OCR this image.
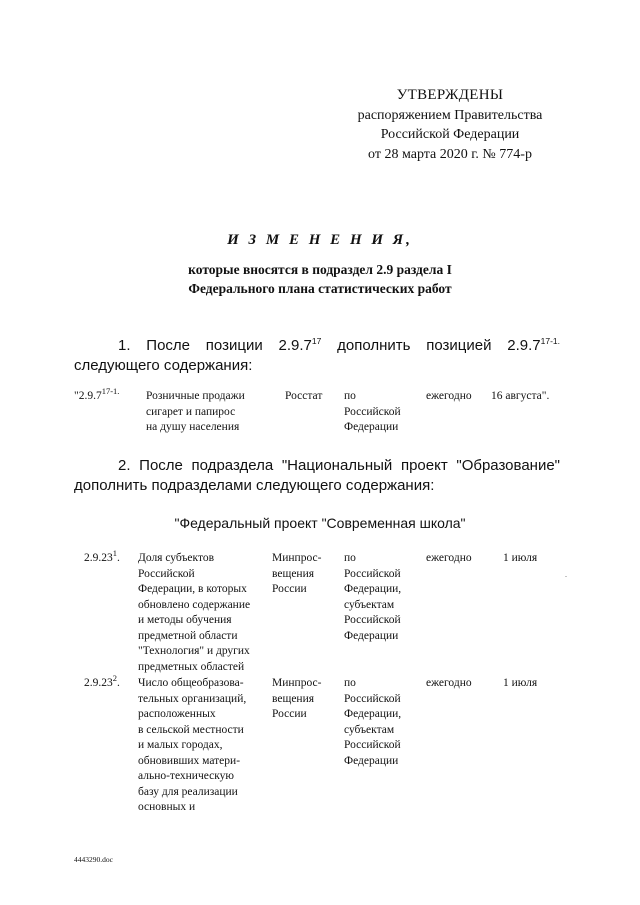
УТВЕРЖДЕНЫ
распоряжением Правительства
Российской Федерации
от 28 марта 2020 г. № 774-р
И З М Е Н Е Н И Я,
которые вносятся в подраздел 2.9 раздела I
Федерального плана статистических работ
1. После позиции 2.9.7$^{17}$ дополнить позицией $2.9.7^{17-1.}$ следующего содержания:
"$2.9.7^{17-1.}$ Розничные продажи
сигарет и папирос
на душу населения
Росстат по
Российской
Федерации
ежегодно 16 августа".
2. После подраздела "Национальный проект "Образование" дополнить подразделами следующего содержания:
"Федеральный проект "Современная школа"
2.9.23$^1$. Доля субъектов
Российской
Федерации, в которых
обновлено содержание
и методы обучения
предметной области
"Технология" и других
предметных областей
Минпрос-
вещения
России
по
Российской
Федерации,
субъектам
Российской
Федерации
ежегодно	1 июля
2.9.23$^2$. Число общеобразова-
тельных организаций,
расположенных
в сельской местности
и малых городах,
обновивших матери-
ально-техническую
базу для реализации
основных и
Минпрос-
вещения
России
по
Российской
Федерации,
субъектам
Российской
Федерации
ежегодно	1 июля
.
4443290.doc
